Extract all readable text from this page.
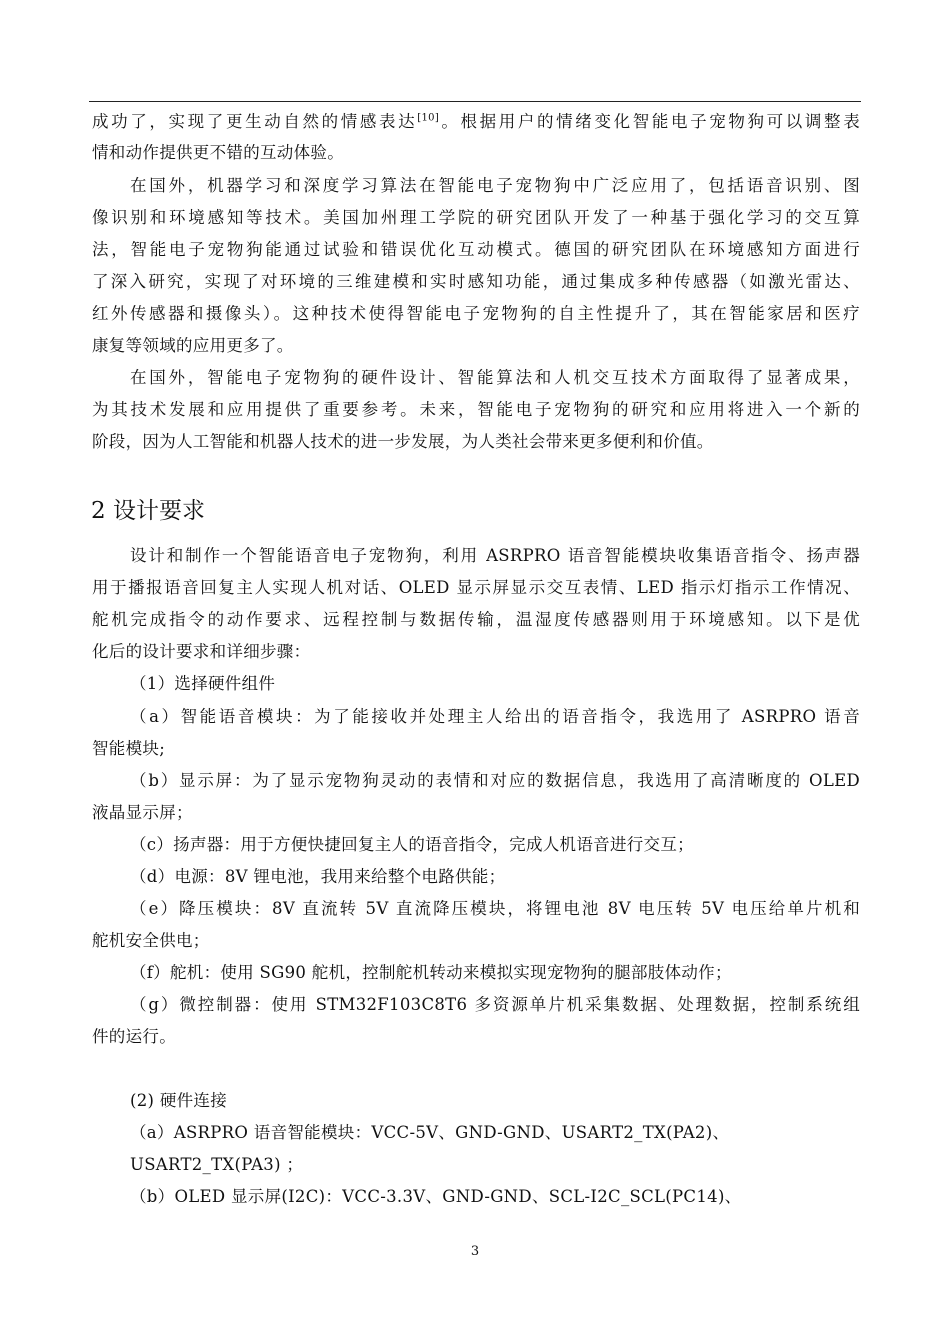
成功了，实现了更生动自然的情感表达[10]。根据用户的情绪变化智能电子宠物狗可以调整表
情和动作提供更不错的互动体验。
在国外，机器学习和深度学习算法在智能电子宠物狗中广泛应用了，包括语音识别、图
像识别和环境感知等技术。美国加州理工学院的研究团队开发了一种基于强化学习的交互算
法，智能电子宠物狗能通过试验和错误优化互动模式。德国的研究团队在环境感知方面进行
了深入研究，实现了对环境的三维建模和实时感知功能，通过集成多种传感器（如激光雷达、
红外传感器和摄像头）。这种技术使得智能电子宠物狗的自主性提升了，其在智能家居和医疗
康复等领域的应用更多了。
在国外，智能电子宠物狗的硬件设计、智能算法和人机交互技术方面取得了显著成果，
为其技术发展和应用提供了重要参考。未来，智能电子宠物狗的研究和应用将进入一个新的
阶段，因为人工智能和机器人技术的进一步发展，为人类社会带来更多便利和价值。
2 设计要求
设计和制作一个智能语音电子宠物狗，利用 ASRPRO 语音智能模块收集语音指令、扬声器
用于播报语音回复主人实现人机对话、OLED 显示屏显示交互表情、LED 指示灯指示工作情况、
舵机完成指令的动作要求、远程控制与数据传输，温湿度传感器则用于环境感知。以下是优
化后的设计要求和详细步骤：
（1）选择硬件组件
（a）智能语音模块：为了能接收并处理主人给出的语音指令，我选用了 ASRPRO 语音
智能模块;
（b）显示屏：为了显示宠物狗灵动的表情和对应的数据信息，我选用了高清晰度的 OLED
液晶显示屏；
（c）扬声器：用于方便快捷回复主人的语音指令，完成人机语音进行交互；
（d）电源：8V 锂电池，我用来给整个电路供能；
（e）降压模块：8V 直流转 5V 直流降压模块，将锂电池 8V 电压转 5V 电压给单片机和
舵机安全供电；
（f）舵机：使用 SG90 舵机，控制舵机转动来模拟实现宠物狗的腿部肢体动作；
（g）微控制器：使用 STM32F103C8T6 多资源单片机采集数据、处理数据，控制系统组
件的运行。
(2) 硬件连接
（a）ASRPRO 语音智能模块：VCC-5V、GND-GND、USART2_TX(PA2)、
USART2_TX(PA3) ；
（b）OLED 显示屏(I2C)：VCC-3.3V、GND-GND、SCL-I2C_SCL(PC14)、
3
